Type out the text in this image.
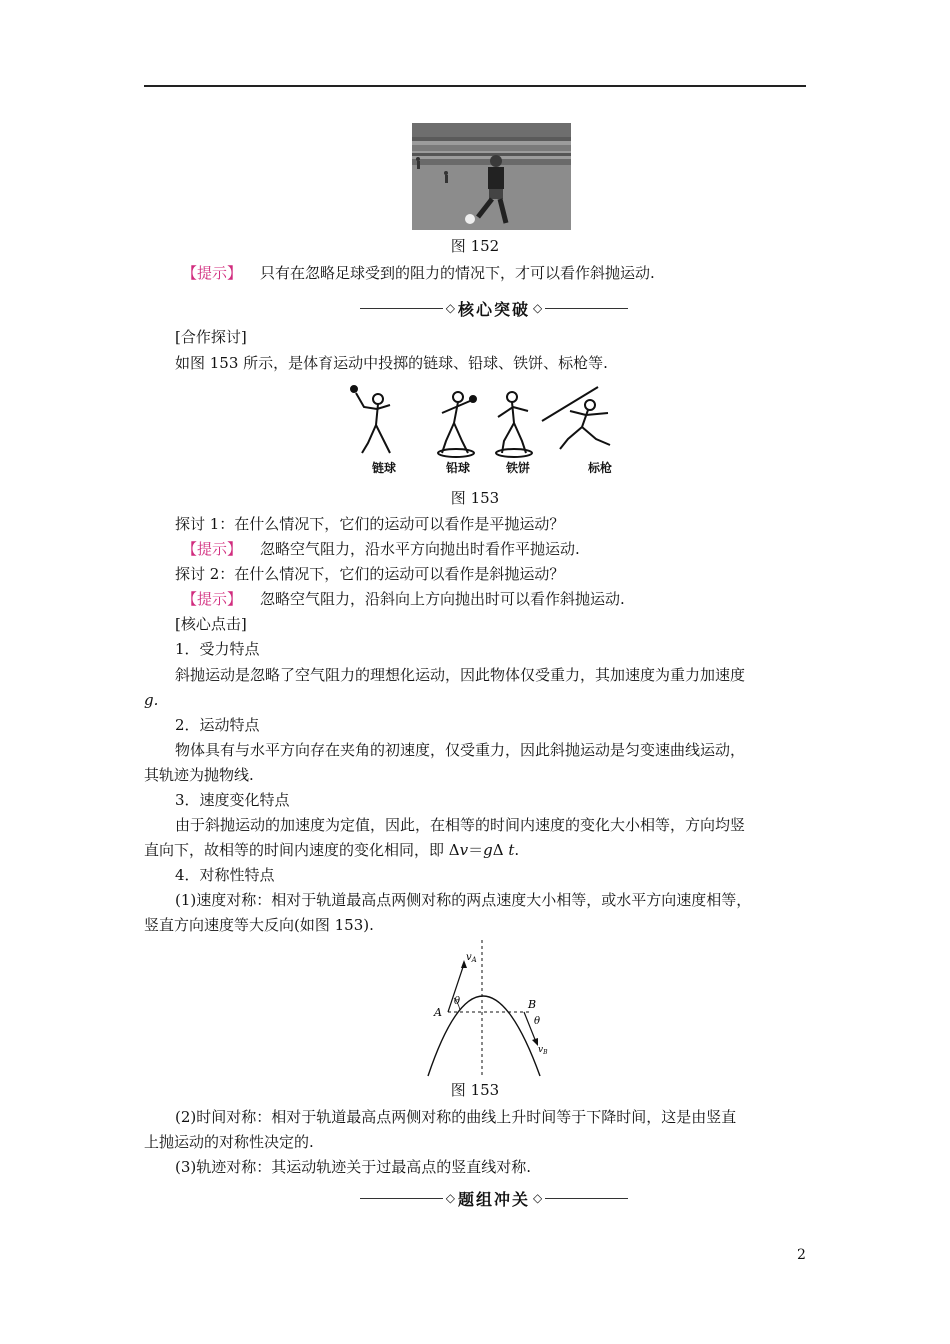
图 152
【提示】 只有在忽略足球受到的阻力的情况下，才可以看作斜抛运动.
◇ 核心突破 ◇
[合作探讨]
如图 153 所示，是体育运动中投掷的链球、铅球、铁饼、标枪等.
链球	铅球	铁饼	标枪
图 153
探讨 1：在什么情况下，它们的运动可以看作是平抛运动？
【提示】 忽略空气阻力，沿水平方向抛出时看作平抛运动.
探讨 2：在什么情况下，它们的运动可以看作是斜抛运动？
【提示】 忽略空气阻力，沿斜向上方向抛出时可以看作斜抛运动.
[核心点击]
1．受力特点
斜抛运动是忽略了空气阻力的理想化运动，因此物体仅受重力，其加速度为重力加速度
g.
2．运动特点
物体具有与水平方向存在夹角的初速度，仅受重力，因此斜抛运动是匀变速曲线运动，
其轨迹为抛物线.
3．速度变化特点
由于斜抛运动的加速度为定值，因此，在相等的时间内速度的变化大小相等，方向均竖
直向下，故相等的时间内速度的变化相同，即 Δv＝gΔ t.
4．对称性特点
(1)速度对称：相对于轨道最高点两侧对称的两点速度大小相等，或水平方向速度相等，
竖直方向速度等大反向(如图 153).
$v_A$
A
θ	B
θ
$v_B$
图 153
(2)时间对称：相对于轨道最高点两侧对称的曲线上升时间等于下降时间，这是由竖直
上抛运动的对称性决定的.
(3)轨迹对称：其运动轨迹关于过最高点的竖直线对称.
◇ 题组冲关 ◇
2
